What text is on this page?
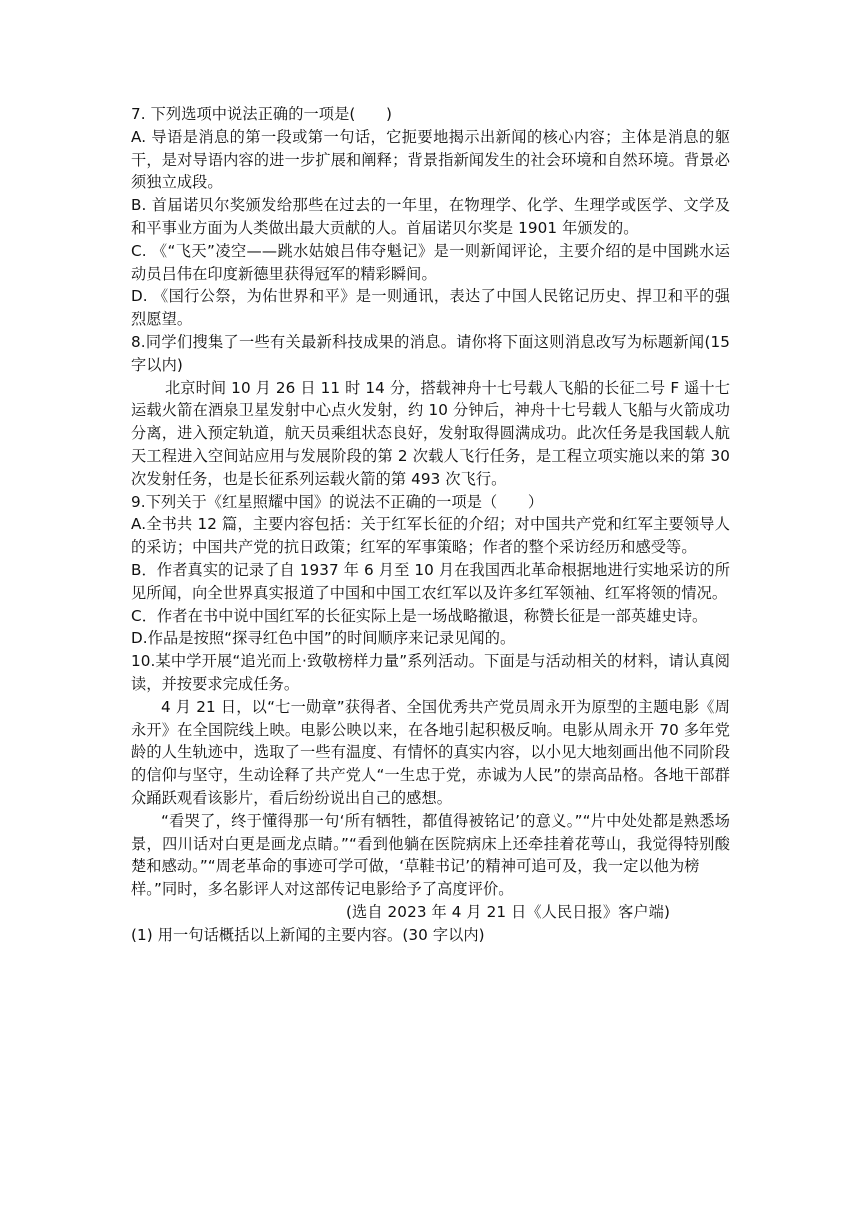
7. 下列选项中说法正确的一项是(　　)

A. 导语是消息的第一段或第一句话，它扼要地揭示出新闻的核心内容；主体是消息的躯干，是对导语内容的进一步扩展和阐释；背景指新闻发生的社会环境和自然环境。背景必须独立成段。

B. 首届诺贝尔奖颁发给那些在过去的一年里，在物理学、化学、生理学或医学、文学及和平事业方面为人类做出最大贡献的人。首届诺贝尔奖是 1901 年颁发的。

C. 《“飞天”凌空——跳水姑娘吕伟夺魁记》是一则新闻评论，主要介绍的是中国跳水运动员吕伟在印度新德里获得冠军的精彩瞬间。

D. 《国行公祭，为佑世界和平》是一则通讯，表达了中国人民铭记历史、捍卫和平的强烈愿望。

8.同学们搜集了一些有关最新科技成果的消息。请你将下面这则消息改写为标题新闻(15 字以内)

北京时间 10 月 26 日 11 时 14 分，搭载神舟十七号载人飞船的长征二号 F 遥十七运载火箭在酒泉卫星发射中心点火发射，约 10 分钟后，神舟十七号载人飞船与火箭成功分离，进入预定轨道，航天员乘组状态良好，发射取得圆满成功。此次任务是我国载人航天工程进入空间站应用与发展阶段的第 2 次载人飞行任务，是工程立项实施以来的第 30 次发射任务，也是长征系列运载火箭的第 493 次飞行。

9.下列关于《红星照耀中国》的说法不正确的一项是（　　）

A.全书共 12 篇，主要内容包括：关于红军长征的介绍；对中国共产党和红军主要领导人的采访；中国共产党的抗日政策；红军的军事策略；作者的整个采访经历和感受等。

B．作者真实的记录了自 1937 年 6 月至 10 月在我国西北革命根据地进行实地采访的所见所闻，向全世界真实报道了中国和中国工农红军以及许多红军领袖、红军将领的情况。

C．作者在书中说中国红军的长征实际上是一场战略撤退，称赞长征是一部英雄史诗。

D.作品是按照“探寻红色中国”的时间顺序来记录见闻的。

10.某中学开展“追光而上·致敬榜样力量”系列活动。下面是与活动相关的材料，请认真阅读，并按要求完成任务。

4 月 21 日，以“七一勋章”获得者、全国优秀共产党员周永开为原型的主题电影《周永开》在全国院线上映。电影公映以来，在各地引起积极反响。电影从周永开 70 多年党龄的人生轨迹中，选取了一些有温度、有情怀的真实内容，以小见大地刻画出他不同阶段的信仰与坚守，生动诠释了共产党人“一生忠于党，赤诚为人民”的崇高品格。各地干部群众踊跃观看该影片，看后纷纷说出自己的感想。

“看哭了，终于懂得那一句‘所有牺牲，都值得被铭记’的意义。”“片中处处都是熟悉场景，四川话对白更是画龙点睛。”“看到他躺在医院病床上还牵挂着花萼山，我觉得特别酸楚和感动。”“周老革命的事迹可学可做，‘草鞋书记’的精神可追可及，我一定以他为榜

样。”同时，多名影评人对这部传记电影给予了高度评价。

(选自 2023 年 4 月 21 日《人民日报》客户端)

(1) 用一句话概括以上新闻的主要内容。(30 字以内)
